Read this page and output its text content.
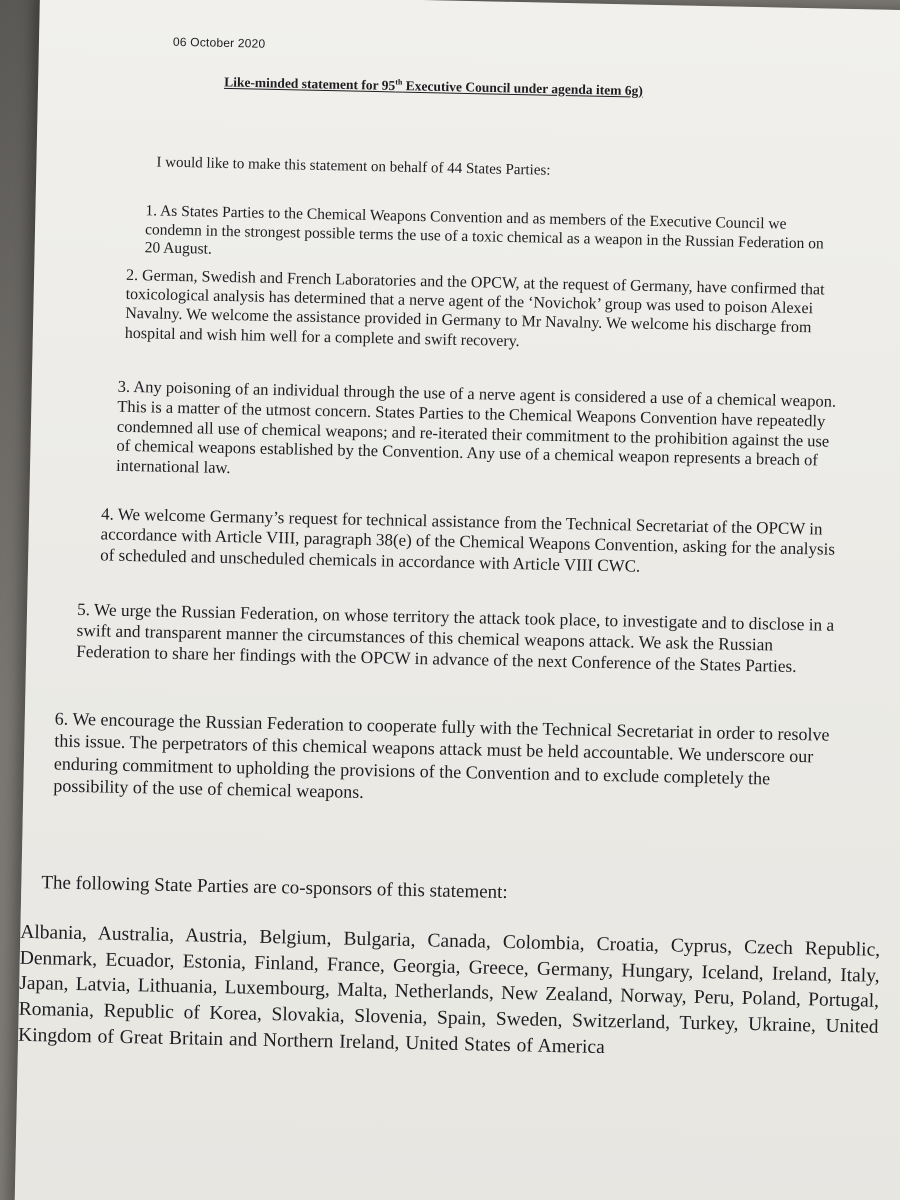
06 October 2020
Like-minded statement for 95th Executive Council under agenda item 6g)
I would like to make this statement on behalf of 44 States Parties:

1. As States Parties to the Chemical Weapons Convention and as members of the Executive Council we condemn in the strongest possible terms the use of a toxic chemical as a weapon in the Russian Federation on 20 August.

2. German, Swedish and French Laboratories and the OPCW, at the request of Germany, have confirmed that toxicological analysis has determined that a nerve agent of the ‘Novichok’ group was used to poison Alexei Navalny. We welcome the assistance provided in Germany to Mr Navalny. We welcome his discharge from hospital and wish him well for a complete and swift recovery.

3. Any poisoning of an individual through the use of a nerve agent is considered a use of a chemical weapon. This is a matter of the utmost concern. States Parties to the Chemical Weapons Convention have repeatedly condemned all use of chemical weapons; and re-iterated their commitment to the prohibition against the use of chemical weapons established by the Convention. Any use of a chemical weapon represents a breach of international law.

4. We welcome Germany’s request for technical assistance from the Technical Secretariat of the OPCW in accordance with Article VIII, paragraph 38(e) of the Chemical Weapons Convention, asking for the analysis of scheduled and unscheduled chemicals in accordance with Article VIII CWC.

5. We urge the Russian Federation, on whose territory the attack took place, to investigate and to disclose in a swift and transparent manner the circumstances of this chemical weapons attack. We ask the Russian Federation to share her findings with the OPCW in advance of the next Conference of the States Parties.

6. We encourage the Russian Federation to cooperate fully with the Technical Secretariat in order to resolve this issue. The perpetrators of this chemical weapons attack must be held accountable. We underscore our enduring commitment to upholding the provisions of the Convention and to exclude completely the possibility of the use of chemical weapons.

The following State Parties are co-sponsors of this statement:

Albania, Australia, Austria, Belgium, Bulgaria, Canada, Colombia, Croatia, Cyprus, Czech Republic, Denmark, Ecuador, Estonia, Finland, France, Georgia, Greece, Germany, Hungary, Iceland, Ireland, Italy, Japan, Latvia, Lithuania, Luxembourg, Malta, Netherlands, New Zealand, Norway, Peru, Poland, Portugal, Romania, Republic of Korea, Slovakia, Slovenia, Spain, Sweden, Switzerland, Turkey, Ukraine, United Kingdom of Great Britain and Northern Ireland, United States of America
